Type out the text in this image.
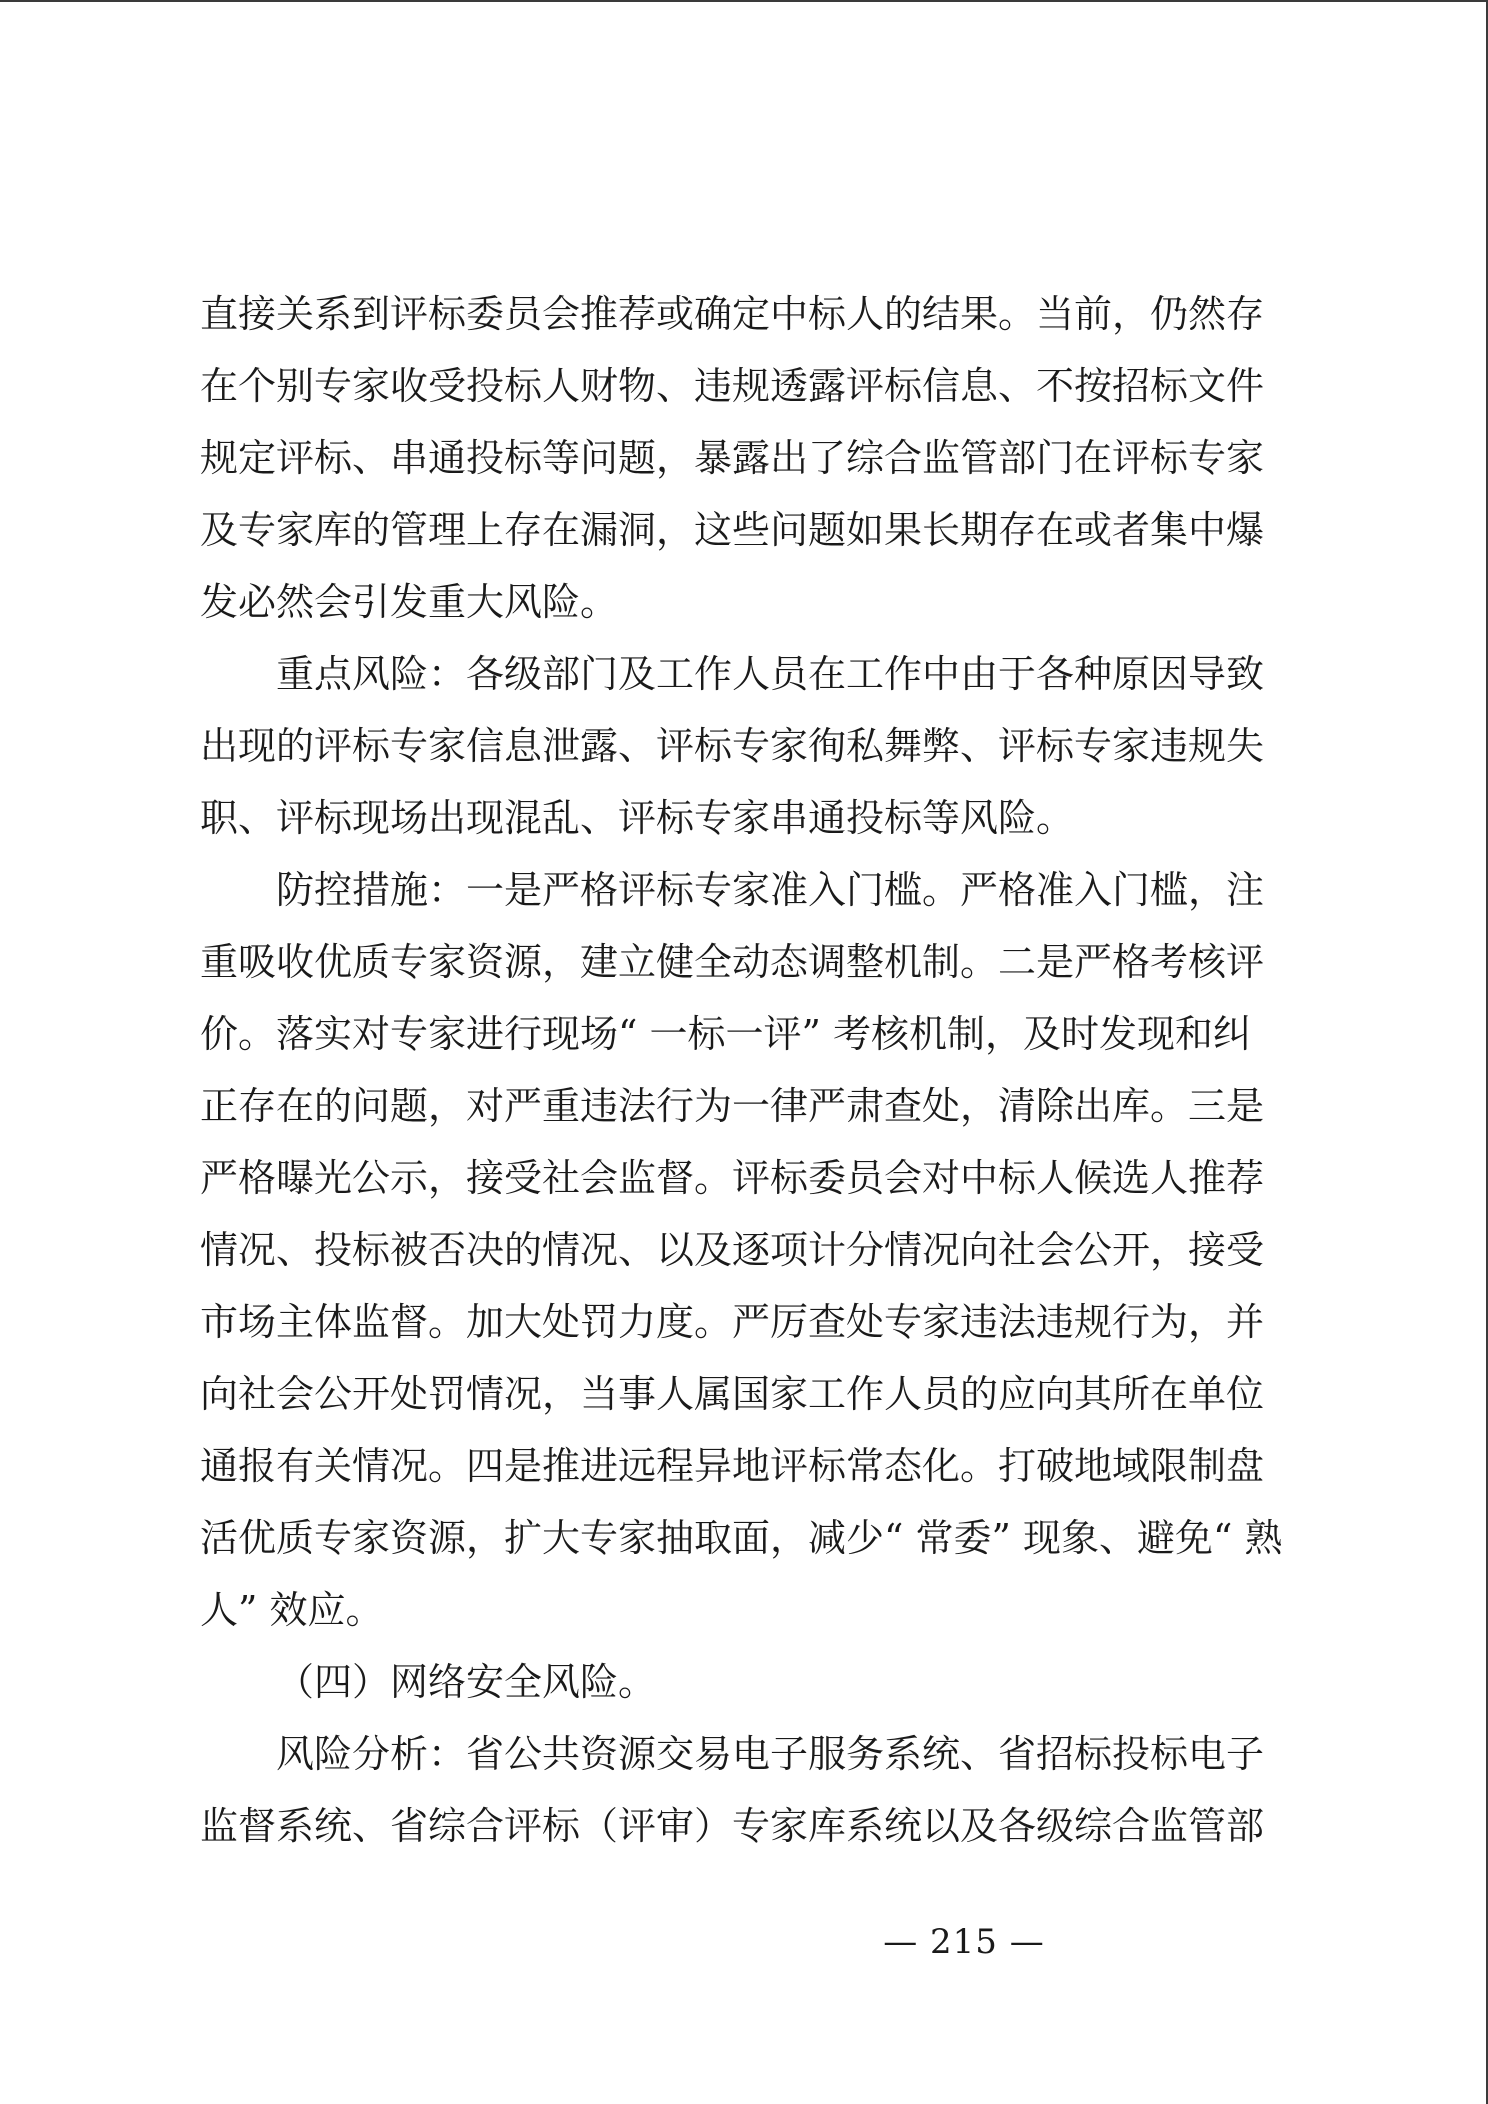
直接关系到评标委员会推荐或确定中标人的结果。当前，仍然存
在个别专家收受投标人财物、违规透露评标信息、不按招标文件
规定评标、串通投标等问题，暴露出了综合监管部门在评标专家
及专家库的管理上存在漏洞，这些问题如果长期存在或者集中爆
发必然会引发重大风险。
重点风险：各级部门及工作人员在工作中由于各种原因导致
出现的评标专家信息泄露、评标专家徇私舞弊、评标专家违规失
职、评标现场出现混乱、评标专家串通投标等风险。
防控措施：一是严格评标专家准入门槛。严格准入门槛，注
重吸收优质专家资源，建立健全动态调整机制。二是严格考核评
价。落实对专家进行现场“ 一标一评” 考核机制，及时发现和纠
正存在的问题，对严重违法行为一律严肃查处，清除出库。三是
严格曝光公示，接受社会监督。评标委员会对中标人候选人推荐
情况、投标被否决的情况、以及逐项计分情况向社会公开，接受
市场主体监督。加大处罚力度。严厉查处专家违法违规行为，并
向社会公开处罚情况，当事人属国家工作人员的应向其所在单位
通报有关情况。四是推进远程异地评标常态化。打破地域限制盘
活优质专家资源，扩大专家抽取面，减少“ 常委” 现象、避免“ 熟
人” 效应。
（四）网络安全风险。
风险分析：省公共资源交易电子服务系统、省招标投标电子
监督系统、省综合评标（评审）专家库系统以及各级综合监管部
— 215 —
